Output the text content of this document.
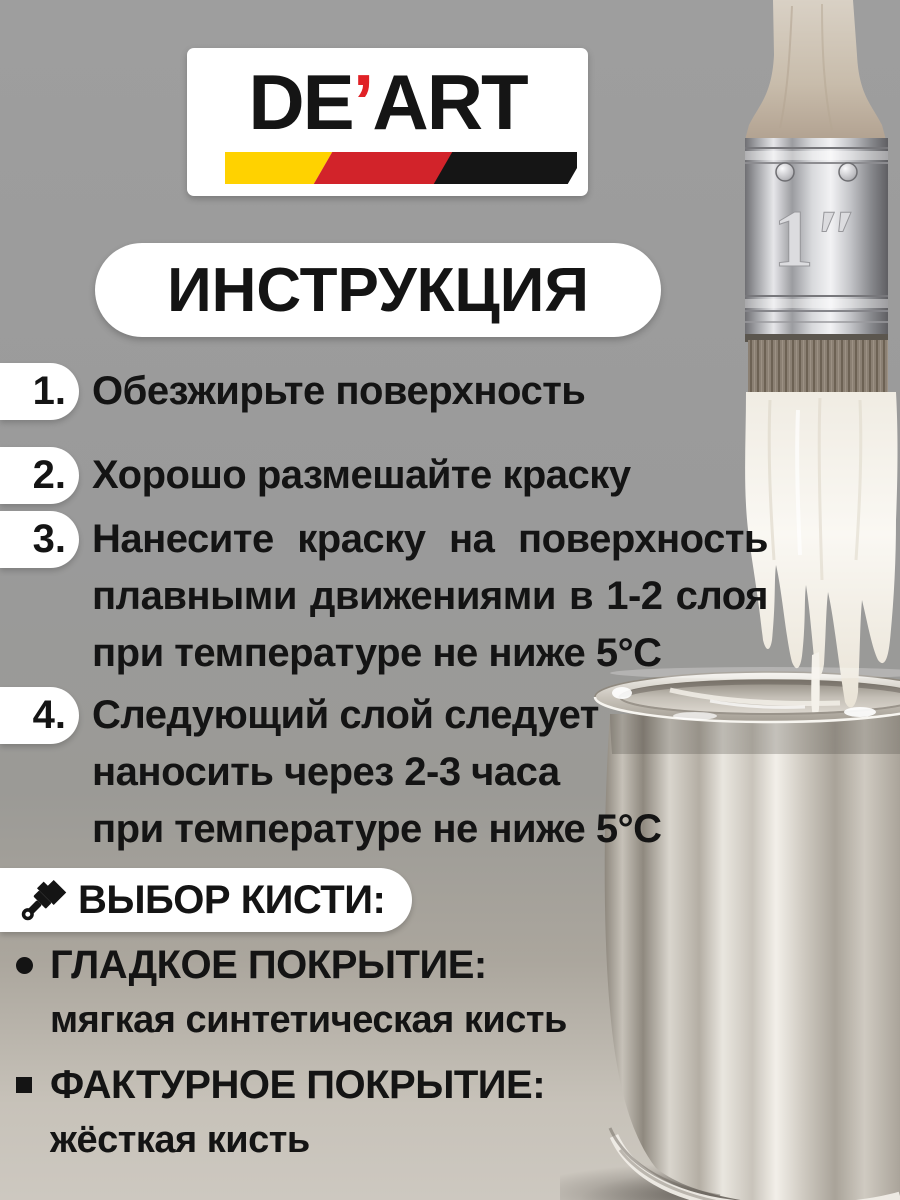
1″
DE’ART
ИНСТРУКЦИЯ
1. Обезжирьте поверхность
2. Хорошо размешайте краску
3. Нанесите краску на поверхность
плавными движениями в 1-2 слоя
при температуре не ниже 5°С
4. Следующий слой следует
наносить через 2-3 часа
при температуре не ниже 5°С
ВЫБОР КИСТИ:
ГЛАДКОЕ ПОКРЫТИЕ:
мягкая синтетическая кисть
ФАКТУРНОЕ ПОКРЫТИЕ:
жёсткая кисть
